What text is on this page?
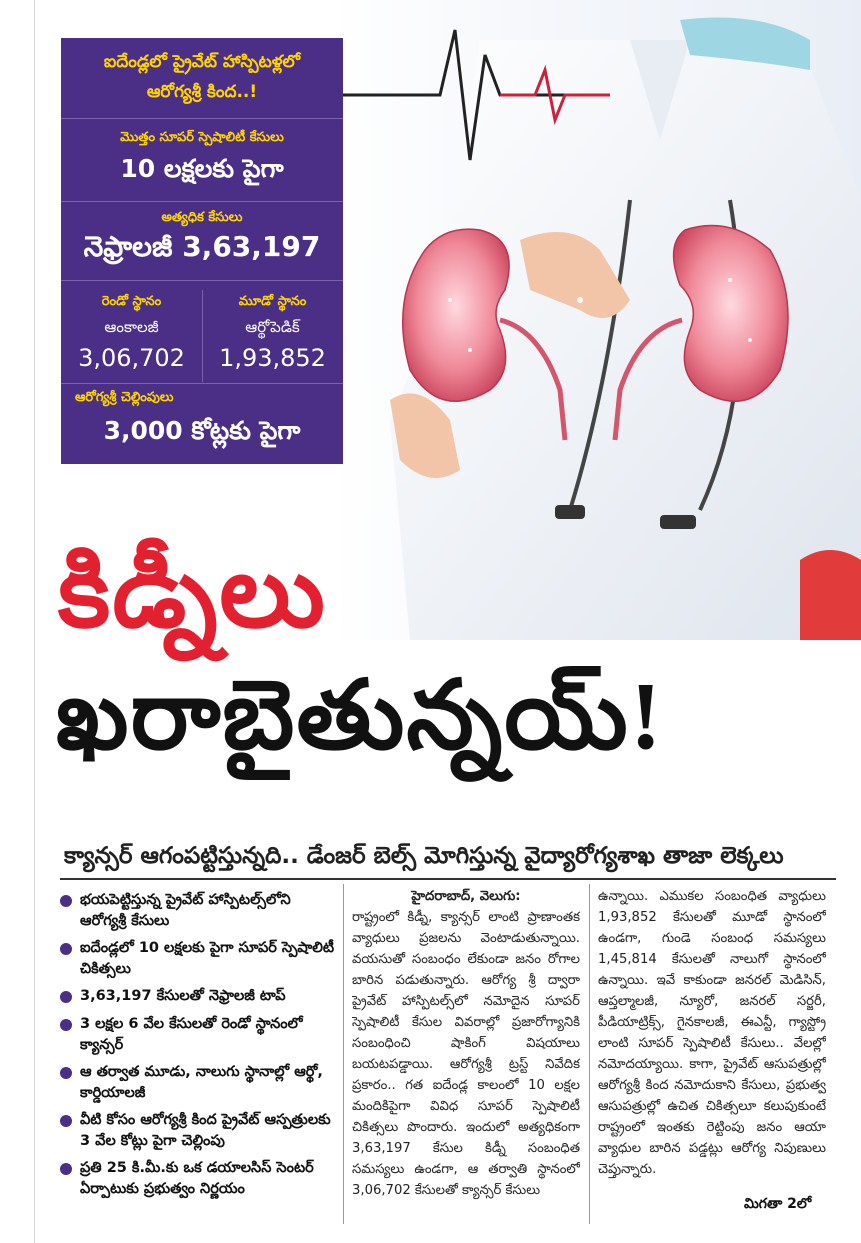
ఐదేండ్లలో ప్రైవేట్ హాస్పిటళ్లలో
ఆరోగ్యశ్రీ కింద..!
మొత్తం సూపర్ స్పెషాలిటీ కేసులు
10 లక్షలకు పైగా
అత్యధిక కేసులు
నెఫ్రాలజీ 3,63,197
రెండో స్థానం
ఆంకాలజీ
3,06,702
మూడో స్థానం
ఆర్థోపెడిక్
1,93,852
ఆరోగ్యశ్రీ చెల్లింపులు
3,000 కోట్లకు పైగా
కిడ్నీలు
ఖరాబైతున్నయ్!
క్యాన్సర్ ఆగంపట్టిస్తున్నది.. డేంజర్ బెల్స్ మోగిస్తున్న వైద్యారోగ్యశాఖ తాజా లెక్కలు
భయపెట్టిస్తున్న ప్రైవేట్ హాస్పిటల్స్‌లోని ఆరోగ్యశ్రీ కేసులు
ఐదేండ్లలో 10 లక్షలకు పైగా సూపర్ స్పెషాలిటీ చికిత్సలు
3,63,197 కేసులతో నెఫ్రాలజీ టాప్
3 లక్షల 6 వేల కేసులతో రెండో స్థానంలో క్యాన్సర్
ఆ తర్వాత మూడు, నాలుగు స్థానాల్లో ఆర్థో, కార్డియాలజీ
వీటి కోసం ఆరోగ్యశ్రీ కింద ప్రైవేట్ ఆస్పత్రులకు 3 వేల కోట్లు పైగా చెల్లింపు
ప్రతి 25 కి.మీ.కు ఒక డయాలసిస్ సెంటర్ ఏర్పాటుకు ప్రభుత్వం నిర్ణయం
హైదరాబాద్, వెలుగు:
రాష్ట్రంలో కిడ్నీ, క్యాన్సర్ లాంటి ప్రాణాంతక వ్యాధులు ప్రజలను వెంటాడుతున్నాయి. వయసుతో సంబంధం లేకుండా జనం రోగాల బారిన పడుతున్నారు. ఆరోగ్య శ్రీ ద్వారా ప్రైవేట్ హాస్పిటల్స్‌లో నమోదైన సూపర్ స్పెషాలిటీ కేసుల వివరాల్లో ప్రజారోగ్యానికి సంబంధించి షాకింగ్ విషయాలు బయటపడ్డాయి. ఆరోగ్యశ్రీ ట్రస్ట్ నివేదిక ప్రకారం.. గత ఐదేండ్ల కాలంలో 10 లక్షల మందికిపైగా వివిధ సూపర్ స్పెషాలిటీ చికిత్సలు పొందారు. ఇందులో అత్యధికంగా 3,63,197 కేసుల కిడ్నీ సంబంధిత సమస్యలు ఉండగా, ఆ తర్వాతి స్థానంలో 3,06,702 కేసులతో క్యాన్సర్ కేసులు
ఉన్నాయి. ఎముకల సంబంధిత వ్యాధులు 1,93,852 కేసులతో మూడో స్థానంలో ఉండగా, గుండె సంబంధ సమస్యలు 1,45,814 కేసులతో నాలుగో స్థానంలో ఉన్నాయి. ఇవే కాకుండా జనరల్ మెడిసిన్, ఆప్తల్మాలజీ, న్యూరో, జనరల్ సర్జరీ, పీడియాట్రిక్స్, గైనకాలజీ, ఈఎన్టీ, గ్యాస్ట్రో లాంటి సూపర్ స్పెషాలిటీ కేసులు.. వేలల్లో నమోదయ్యాయి. కాగా, ప్రైవేట్ ఆసుపత్రుల్లో ఆరోగ్యశ్రీ కింద నమోదుకాని కేసులు, ప్రభుత్వ ఆసుపత్రుల్లో ఉచిత చికిత్సలూ కలుపుకుంటే రాష్ట్రంలో ఇంతకు రెట్టింపు జనం ఆయా వ్యాధుల బారిన పడ్డట్లు ఆరోగ్య నిపుణులు చెప్తున్నారు.
మిగతా 2లో
